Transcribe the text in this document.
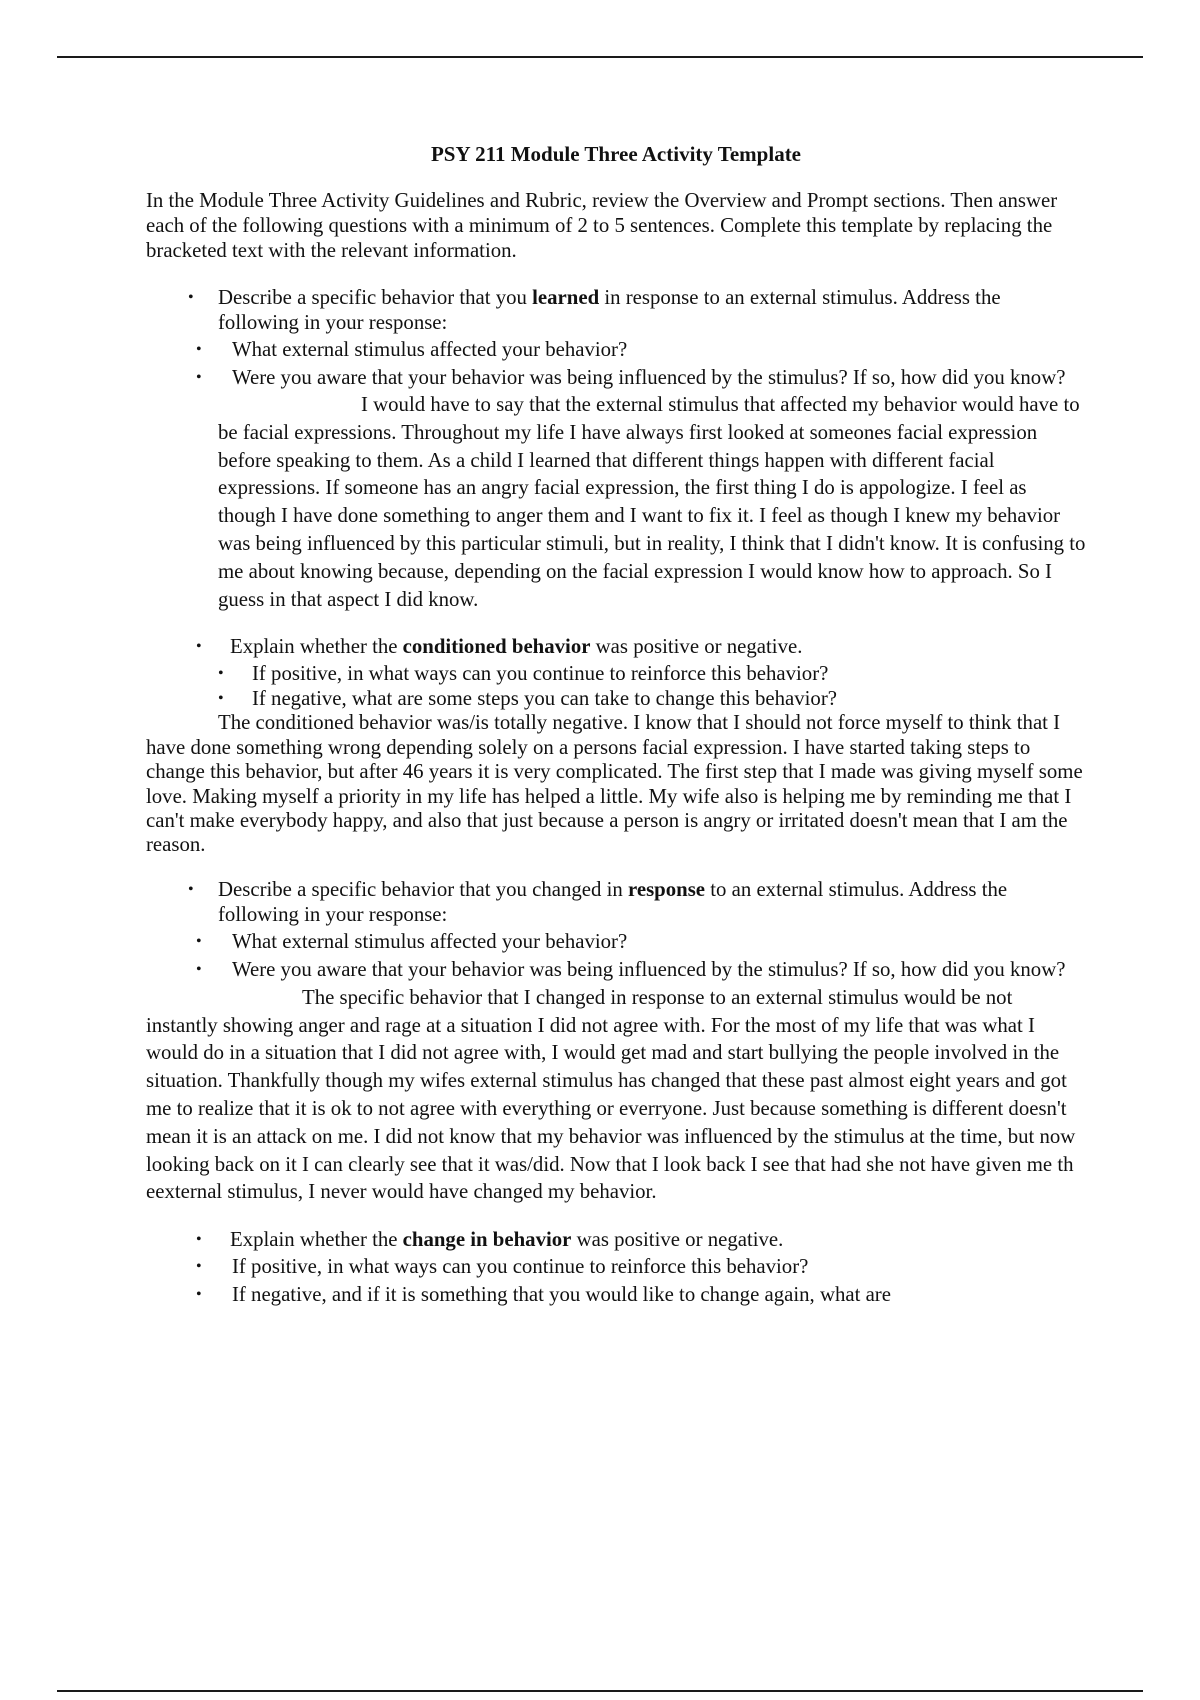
PSY 211 Module Three Activity Template
In the Module Three Activity Guidelines and Rubric, review the Overview and Prompt sections. Then answer each of the following questions with a minimum of 2 to 5 sentences. Complete this template by replacing the bracketed text with the relevant information.
• Describe a specific behavior that you learned in response to an external stimulus. Address the following in your response:
• What external stimulus affected your behavior?
• Were you aware that your behavior was being influenced by the stimulus? If so, how did you know?

I would have to say that the external stimulus that affected my behavior would have to be facial expressions. Throughout my life I have always first looked at someones facial expression before speaking to them. As a child I learned that different things happen with different facial expressions. If someone has an angry facial expression, the first thing I do is appologize. I feel as though I have done something to anger them and I want to fix it. I feel as though I knew my behavior was being influenced by this particular stimuli, but in reality, I think that I didn't know. It is confusing to me about knowing because, depending on the facial expression I would know how to approach. So I guess in that aspect I did know.

• Explain whether the conditioned behavior was positive or negative.
• If positive, in what ways can you continue to reinforce this behavior?
• If negative, what are some steps you can take to change this behavior?

The conditioned behavior was/is totally negative. I know that I should not force myself to think that I have done something wrong depending solely on a persons facial expression. I have started taking steps to change this behavior, but after 46 years it is very complicated. The first step that I made was giving myself some love. Making myself a priority in my life has helped a little. My wife also is helping me by reminding me that I can't make everybody happy, and also that just because a person is angry or irritated doesn't mean that I am the reason.

• Describe a specific behavior that you changed in response to an external stimulus. Address the following in your response:
• What external stimulus affected your behavior?
• Were you aware that your behavior was being influenced by the stimulus? If so, how did you know?

The specific behavior that I changed in response to an external stimulus would be not instantly showing anger and rage at a situation I did not agree with. For the most of my life that was what I would do in a situation that I did not agree with, I would get mad and start bullying the people involved in the situation. Thankfully though my wifes external stimulus has changed that these past almost eight years and got me to realize that it is ok to not agree with everything or everryone. Just because something is different doesn't mean it is an attack on me. I did not know that my behavior was influenced by the stimulus at the time, but now looking back on it I can clearly see that it was/did. Now that I look back I see that had she not have given me th eexternal stimulus, I never would have changed my behavior.

• Explain whether the change in behavior was positive or negative.
• If positive, in what ways can you continue to reinforce this behavior?
• If negative, and if it is something that you would like to change again, what are
